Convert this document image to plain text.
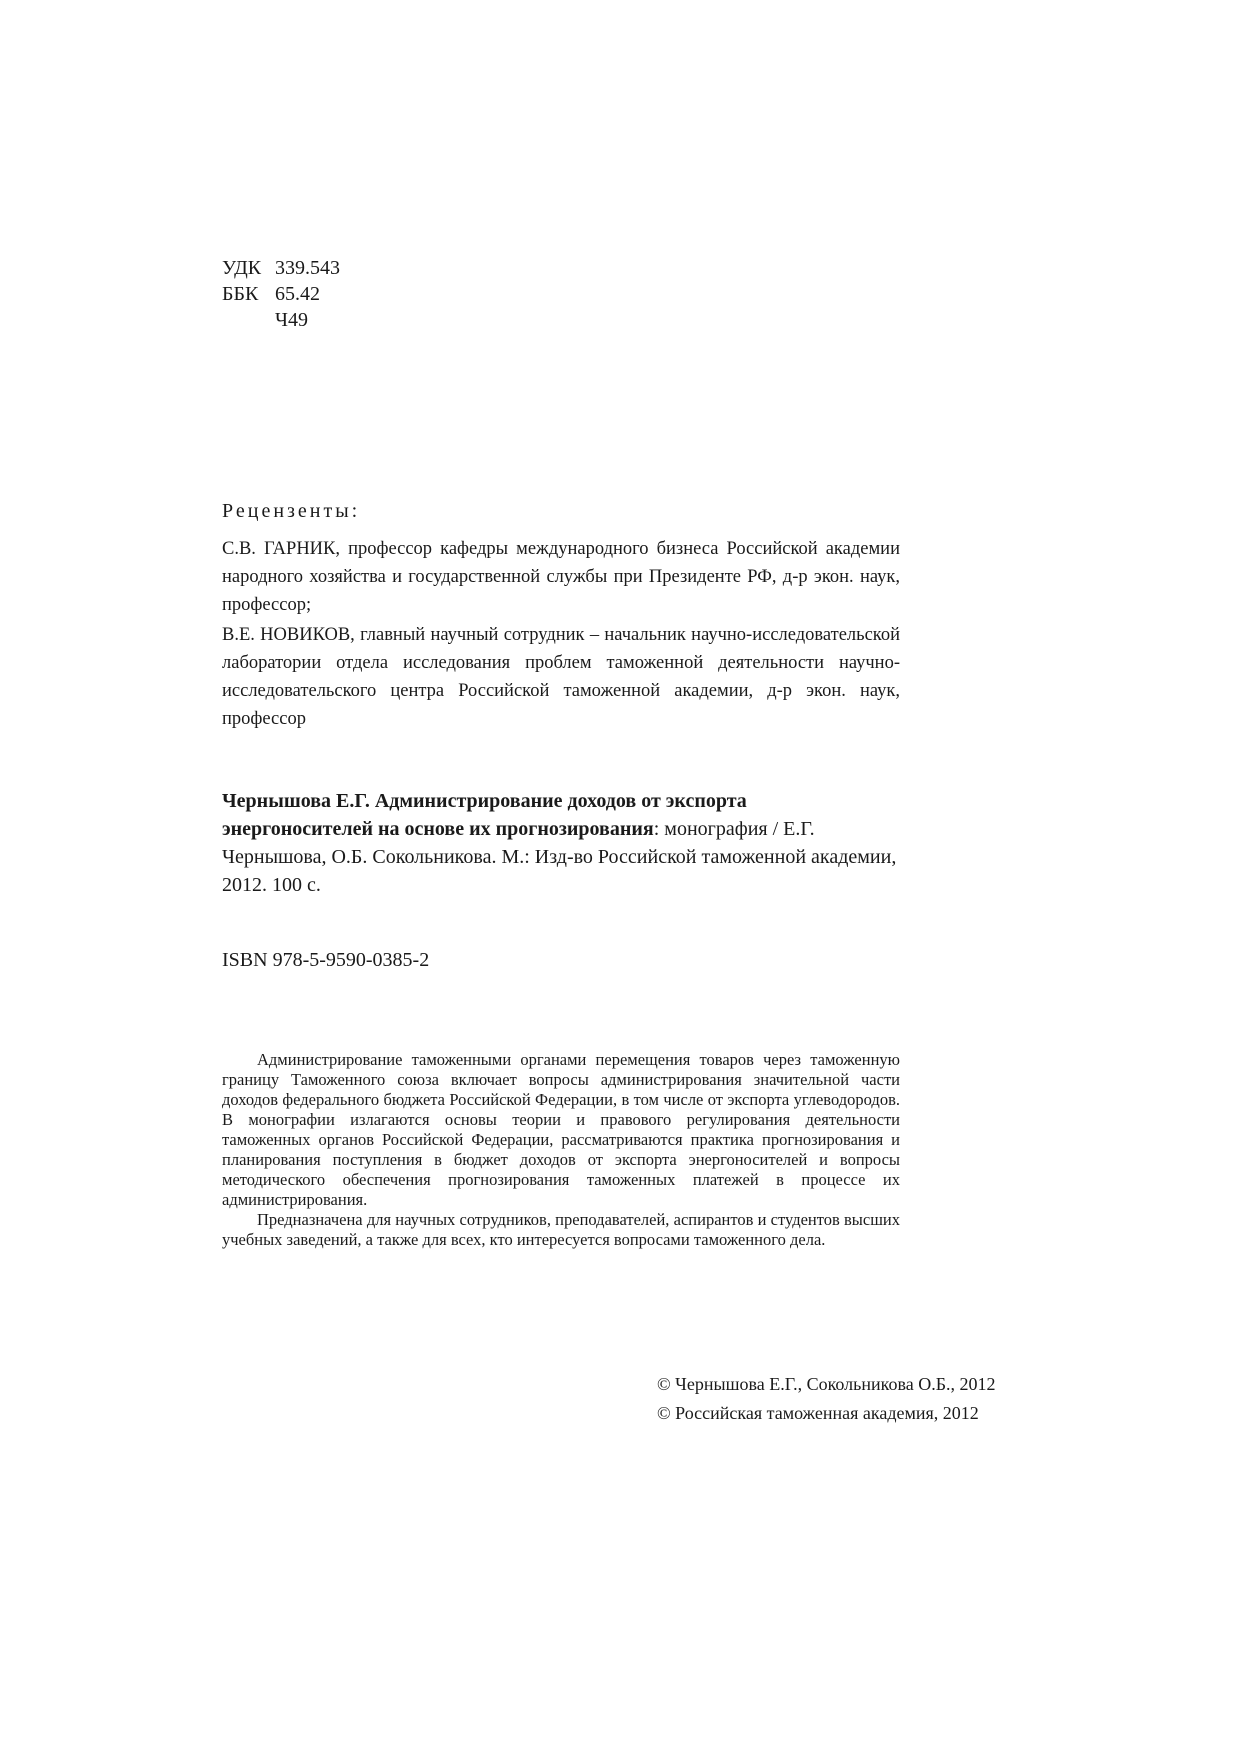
УДК 339.543
ББК 65.42
Ч49
Рецензенты:
С.В. ГАРНИК, профессор кафедры международного бизнеса Российской академии народного хозяйства и государственной службы при Президенте РФ, д-р экон. наук, профессор;
В.Е. НОВИКОВ, главный научный сотрудник – начальник научно-исследовательской лаборатории отдела исследования проблем таможенной деятельности научно-исследовательского центра Российской таможенной академии, д-р экон. наук, профессор
Чернышова Е.Г. Администрирование доходов от экспорта энергоносителей на основе их прогнозирования: монография / Е.Г. Чернышова, О.Б. Сокольникова. М.: Изд-во Российской таможенной академии, 2012. 100 с.
ISBN 978-5-9590-0385-2

Администрирование таможенными органами перемещения товаров через таможенную границу Таможенного союза включает вопросы администрирования значительной части доходов федерального бюджета Российской Федерации, в том числе от экспорта углеводородов. В монографии излагаются основы теории и правового регулирования деятельности таможенных органов Российской Федерации, рассматриваются практика прогнозирования и планирования поступления в бюджет доходов от экспорта энергоносителей и вопросы методического обеспечения прогнозирования таможенных платежей в процессе их администрирования.

Предназначена для научных сотрудников, преподавателей, аспирантов и студентов высших учебных заведений, а также для всех, кто интересуется вопросами таможенного дела.

© Чернышова Е.Г., Сокольникова О.Б., 2012
© Российская таможенная академия, 2012
